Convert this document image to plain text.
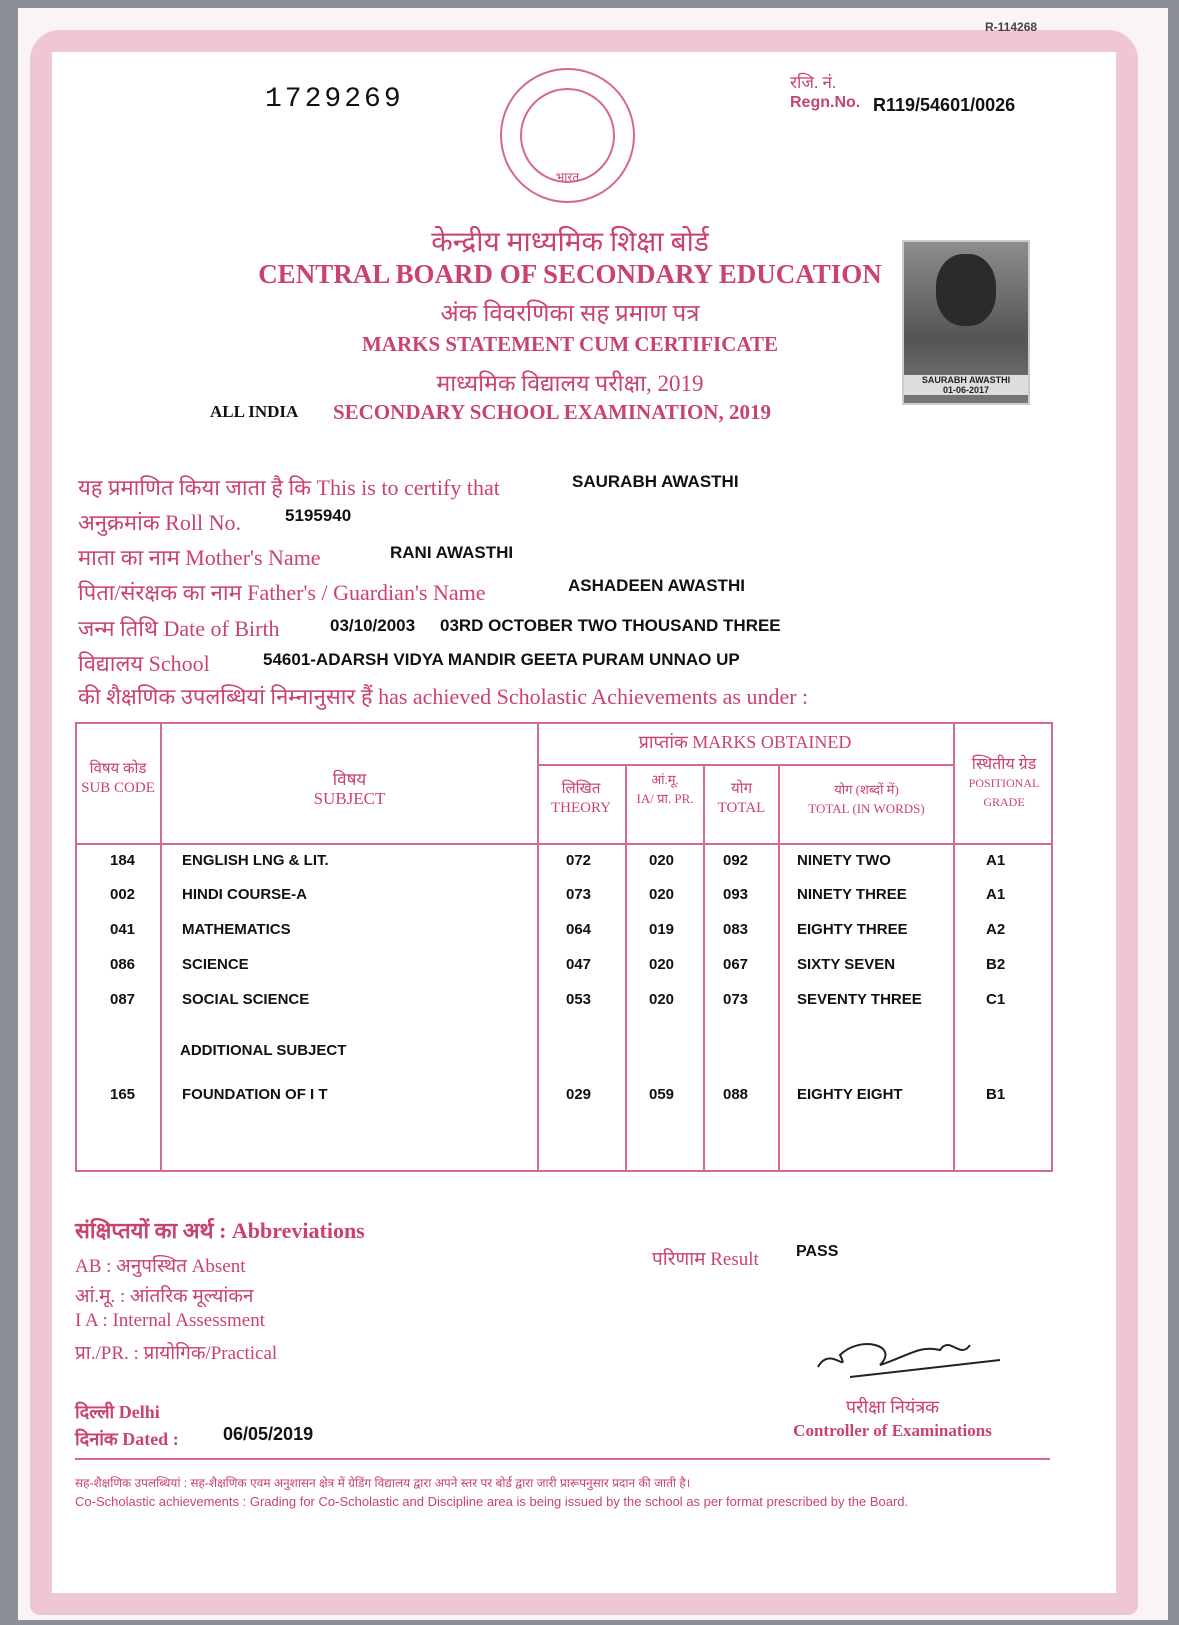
R-114268
1729269
रजि. नं.
Regn.No. R119/54601/0026
भारत
केन्द्रीय माध्यमिक शिक्षा बोर्ड
CENTRAL BOARD OF SECONDARY EDUCATION
अंक विवरणिका सह प्रमाण पत्र
MARKS STATEMENT CUM CERTIFICATE
माध्यमिक विद्यालय परीक्षा, 2019
ALL INDIA SECONDARY SCHOOL EXAMINATION, 2019
SAURABH AWASTHI
01-06-2017
यह प्रमाणित किया जाता है कि This is to certify that	SAURABH AWASTHI
अनुक्रमांक Roll No.	5195940
माता का नाम Mother's Name	RANI AWASTHI
पिता/संरक्षक का नाम Father's / Guardian's Name	ASHADEEN AWASTHI
जन्म तिथि Date of Birth	03/10/2003 03RD OCTOBER TWO THOUSAND THREE
विद्यालय School	54601-ADARSH VIDYA MANDIR GEETA PURAM UNNAO UP
की शैक्षणिक उपलब्धियां निम्नानुसार हैं has achieved Scholastic Achievements as under :
विषय कोड
SUB CODE	विषय
SUBJECT
प्राप्तांक MARKS OBTAINED
लिखित
THEORY
आं.मू.
IA/ प्रा. PR.
योग
TOTAL
योग (शब्दों में)
TOTAL (IN WORDS)
स्थितीय ग्रेड
POSITIONAL GRADE
184	ENGLISH LNG & LIT.	072	020	092	NINETY TWO	A1
002	HINDI COURSE-A	073	020	093	NINETY THREE	A1
041	MATHEMATICS	064	019	083	EIGHTY THREE	A2
086	SCIENCE	047	020	067	SIXTY SEVEN	B2
087	SOCIAL SCIENCE	053	020	073	SEVENTY THREE	C1
165	FOUNDATION OF I T	029	059	088	EIGHTY EIGHT	B1
ADDITIONAL SUBJECT
संक्षिप्तयों का अर्थ : Abbreviations
AB : अनुपस्थित Absent
आं.मू. : आंतरिक मूल्यांकन
I A : Internal Assessment
प्रा./PR. : प्रायोगिक/Practical
परिणाम Result PASS
परीक्षा नियंत्रक
Controller of Examinations
दिल्ली Delhi
दिनांक Dated : 06/05/2019
सह-शैक्षणिक उपलब्धियां : सह-शैक्षणिक एवम अनुशासन क्षेत्र में ग्रेडिंग विद्यालय द्वारा अपने स्तर पर बोर्ड द्वारा जारी प्रारूपनुसार प्रदान की जाती है।
Co-Scholastic achievements : Grading for Co-Scholastic and Discipline area is being issued by the school as per format prescribed by the Board.
